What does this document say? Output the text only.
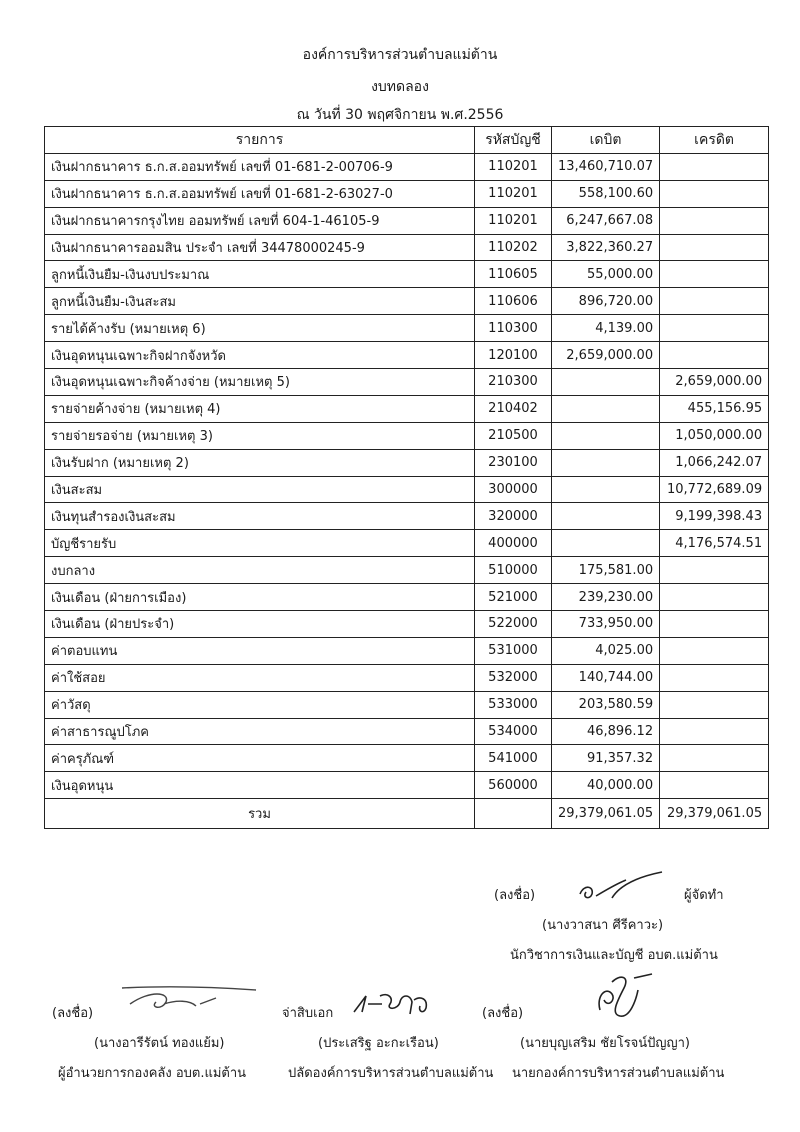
องค์การบริหารส่วนตำบลแม่ต้าน
งบทดลอง
ณ วันที่ 30 พฤศจิกายน พ.ศ.2556
รายการ	รหัสบัญชี	เดบิต	เครดิต
เงินฝากธนาคาร ธ.ก.ส.ออมทรัพย์ เลขที่ 01-681-2-00706-9	110201	13,460,710.07	
เงินฝากธนาคาร ธ.ก.ส.ออมทรัพย์ เลขที่ 01-681-2-63027-0	110201	558,100.60	
เงินฝากธนาคารกรุงไทย ออมทรัพย์ เลขที่ 604-1-46105-9	110201	6,247,667.08	
เงินฝากธนาคารออมสิน ประจำ เลขที่ 34478000245-9	110202	3,822,360.27	
ลูกหนี้เงินยืม-เงินงบประมาณ	110605	55,000.00	
ลูกหนี้เงินยืม-เงินสะสม	110606	896,720.00	
รายได้ค้างรับ (หมายเหตุ 6)	110300	4,139.00	
เงินอุดหนุนเฉพาะกิจฝากจังหวัด	120100	2,659,000.00	
เงินอุดหนุนเฉพาะกิจค้างจ่าย (หมายเหตุ 5)	210300		2,659,000.00
รายจ่ายค้างจ่าย (หมายเหตุ 4)	210402		455,156.95
รายจ่ายรอจ่าย (หมายเหตุ 3)	210500		1,050,000.00
เงินรับฝาก (หมายเหตุ 2)	230100		1,066,242.07
เงินสะสม	300000		10,772,689.09
เงินทุนสำรองเงินสะสม	320000		9,199,398.43
บัญชีรายรับ	400000		4,176,574.51
งบกลาง	510000	175,581.00	
เงินเดือน (ฝ่ายการเมือง)	521000	239,230.00	
เงินเดือน (ฝ่ายประจำ)	522000	733,950.00	
ค่าตอบแทน	531000	4,025.00	
ค่าใช้สอย	532000	140,744.00	
ค่าวัสดุ	533000	203,580.59	
ค่าสาธารณูปโภค	534000	46,896.12	
ค่าครุภัณฑ์	541000	91,357.32	
เงินอุดหนุน	560000	40,000.00	
รวม		29,379,061.05	29,379,061.05
(ลงชื่อ)	ผู้จัดทำ
(นางวาสนา ศีรีคาวะ)
นักวิชาการเงินและบัญชี อบต.แม่ต้าน
(ลงชื่อ)
(นางอารีรัตน์ ทองแย้ม)
ผู้อำนวยการกองคลัง อบต.แม่ต้าน
จ่าสิบเอก
(ประเสริฐ อะกะเรือน)
ปลัดองค์การบริหารส่วนตำบลแม่ต้าน
(ลงชื่อ)
(นายบุญเสริม ชัยโรจน์ปัญญา)
นายกองค์การบริหารส่วนตำบลแม่ต้าน
